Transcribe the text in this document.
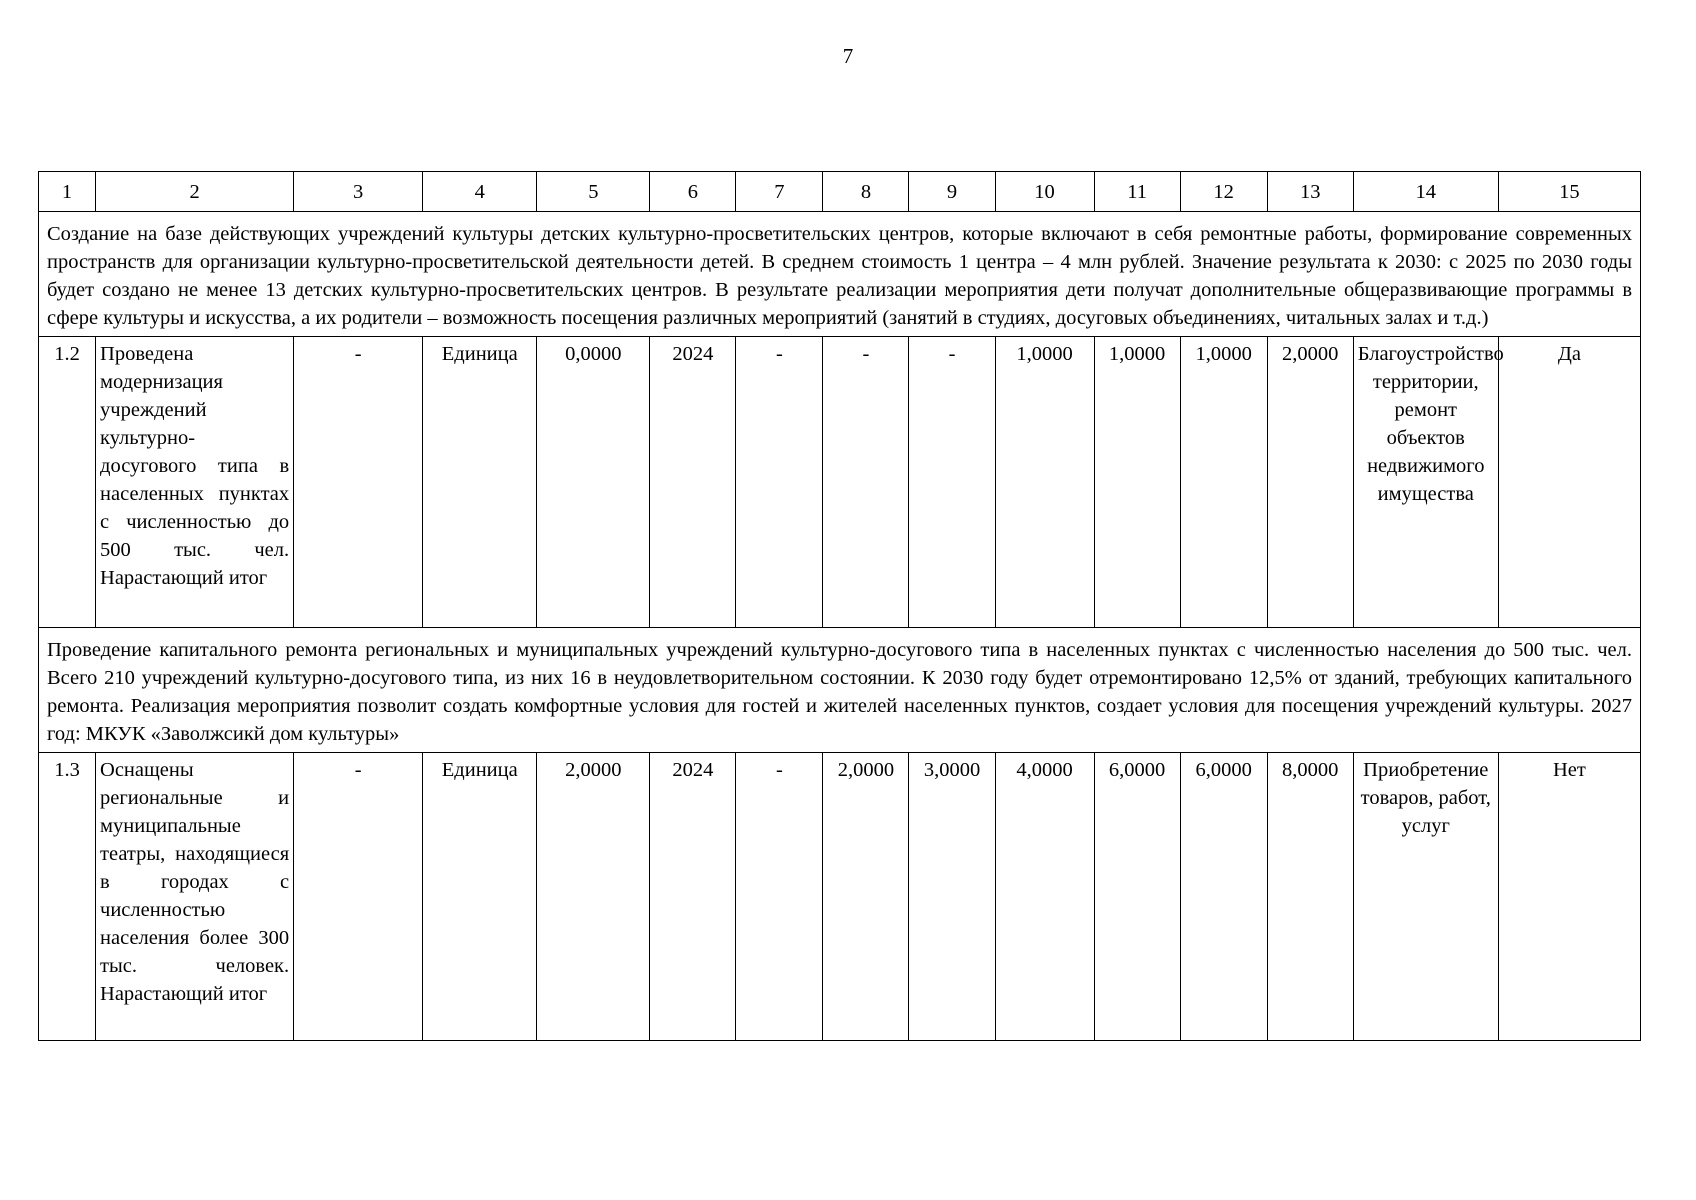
7
1	2	3	4	5	6	7	8	9	10	11	12	13	14	15
Создание на базе действующих учреждений культуры детских культурно-просветительских центров, которые включают в себя ремонтные работы, формирование современных пространств для организации культурно-просветительской деятельности детей. В среднем стоимость 1 центра – 4 млн рублей. Значение результата к 2030: с 2025 по 2030 годы будет создано не менее 13 детских культурно-просветительских центров. В результате реализации мероприятия дети получат дополнительные общеразвивающие программы в сфере культуры и искусства, а их родители – возможность посещения различных мероприятий (занятий в студиях, досуговых объединениях, читальных залах и т.д.)														
1.2	Проведена модернизация учреждений культурно-досугового типа в населенных пунктах с численностью до 500 тыс. чел. Нарастающий итог	-	Единица	0,0000	2024	-	-	-	1,0000	1,0000	1,0000	2,0000	Благоустройство территории, ремонт объектов недвижимого имущества	Да
Проведение капитального ремонта региональных и муниципальных учреждений культурно-досугового типа в населенных пунктах с численностью населения до 500 тыс. чел. Всего 210 учреждений культурно-досугового типа, из них 16 в неудовлетворительном состоянии. К 2030 году будет отремонтировано 12,5% от зданий, требующих капитального ремонта. Реализация мероприятия позволит создать комфортные условия для гостей и жителей населенных пунктов, создает условия для посещения учреждений культуры. 2027 год: МКУК «Заволжсикй дом культуры»														
1.3	Оснащены региональные и муниципальные театры, находящиеся в городах с численностью населения более 300 тыс. человек. Нарастающий итог	-	Единица	2,0000	2024	-	2,0000	3,0000	4,0000	6,0000	6,0000	8,0000	Приобретение товаров, работ, услуг	Нет
